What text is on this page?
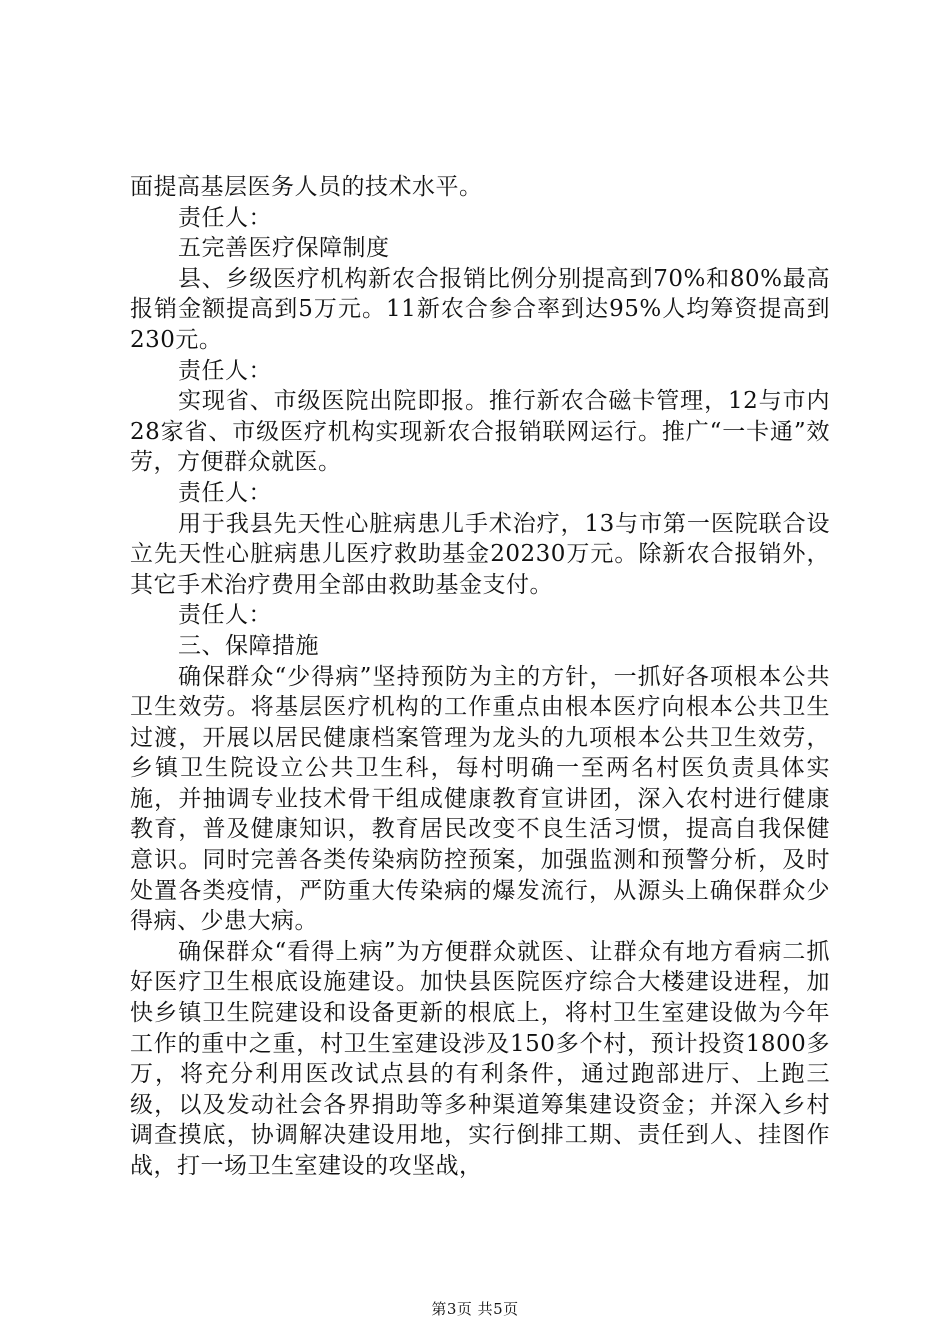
面提高基层医务人员的技术水平。

责任人：

五完善医疗保障制度

县、乡级医疗机构新农合报销比例分别提高到70%和80%最高报销金额提高到5万元。11新农合参合率到达95%人均筹资提高到230元。

责任人：

实现省、市级医院出院即报。推行新农合磁卡管理，12与市内28家省、市级医疗机构实现新农合报销联网运行。推广“一卡通”效劳，方便群众就医。

责任人：

用于我县先天性心脏病患儿手术治疗，13与市第一医院联合设立先天性心脏病患儿医疗救助基金20230万元。除新农合报销外，其它手术治疗费用全部由救助基金支付。

责任人：

三、保障措施

确保群众“少得病”坚持预防为主的方针，一抓好各项根本公共卫生效劳。将基层医疗机构的工作重点由根本医疗向根本公共卫生过渡，开展以居民健康档案管理为龙头的九项根本公共卫生效劳，乡镇卫生院设立公共卫生科，每村明确一至两名村医负责具体实施，并抽调专业技术骨干组成健康教育宣讲团，深入农村进行健康教育，普及健康知识，教育居民改变不良生活习惯，提高自我保健意识。同时完善各类传染病防控预案，加强监测和预警分析，及时处置各类疫情，严防重大传染病的爆发流行，从源头上确保群众少得病、少患大病。

确保群众“看得上病”为方便群众就医、让群众有地方看病二抓好医疗卫生根底设施建设。加快县医院医疗综合大楼建设进程，加快乡镇卫生院建设和设备更新的根底上，将村卫生室建设做为今年工作的重中之重，村卫生室建设涉及150多个村，预计投资1800多万，将充分利用医改试点县的有利条件，通过跑部进厅、上跑三级，以及发动社会各界捐助等多种渠道筹集建设资金；并深入乡村调查摸底，协调解决建设用地，实行倒排工期、责任到人、挂图作战，打一场卫生室建设的攻坚战，

第3页 共5页
